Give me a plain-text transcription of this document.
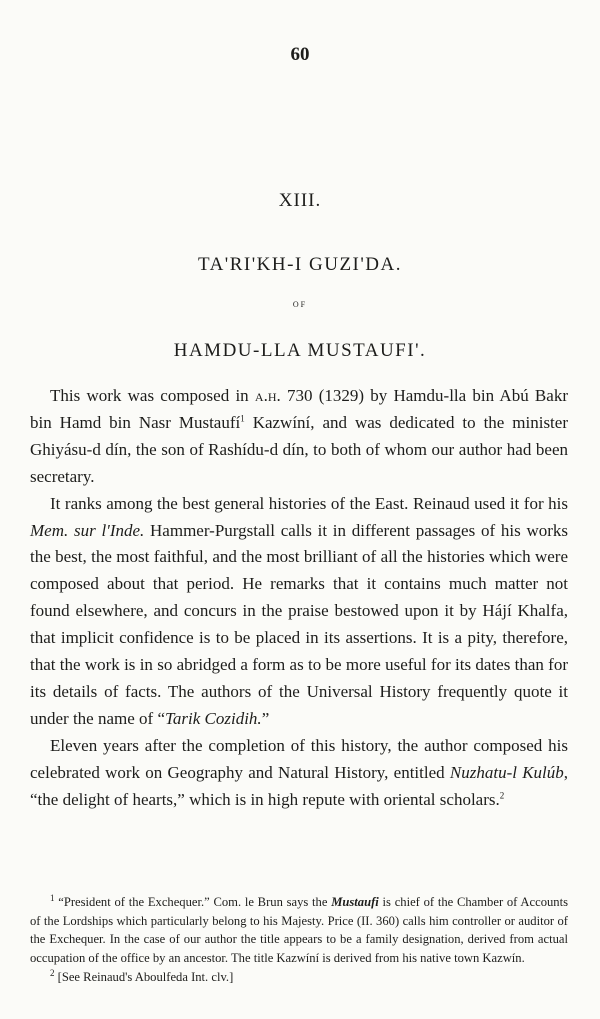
60
XIII.
TA'RI'KH-I GUZI'DA.
OF
HAMDU-LLA MUSTAUFI'.

This work was composed in a.h. 730 (1329) by Hamdu-lla bin Abú Bakr bin Hamd bin Nasr Mustaufí$^1$ Kazwíní, and was dedicated to the minister Ghiyásu-d dín, the son of Rashídu-d dín, to both of whom our author had been secretary.

It ranks among the best general histories of the East. Reinaud used it for his Mem. sur l'Inde. Hammer-Purgstall calls it in different passages of his works the best, the most faithful, and the most brilliant of all the histories which were composed about that period. He remarks that it contains much matter not found elsewhere, and concurs in the praise bestowed upon it by Hájí Khalfa, that implicit confidence is to be placed in its assertions. It is a pity, therefore, that the work is in so abridged a form as to be more useful for its dates than for its details of facts. The authors of the Universal History frequently quote it under the name of “Tarik Cozidih.”

Eleven years after the completion of this history, the author composed his celebrated work on Geography and Natural History, entitled Nuzhatu-l Kulúb, “the delight of hearts,” which is in high repute with oriental scholars.$^2$

$^1$ “President of the Exchequer.” Com. le Brun says the Mustaufi is chief of the Chamber of Accounts of the Lordships which particularly belong to his Majesty. Price (II. 360) calls him controller or auditor of the Exchequer. In the case of our author the title appears to be a family designation, derived from actual occupation of the office by an ancestor. The title Kazwíní is derived from his native town Kazwín.

$^2$ [See Reinaud's Aboulfeda Int. clv.]
